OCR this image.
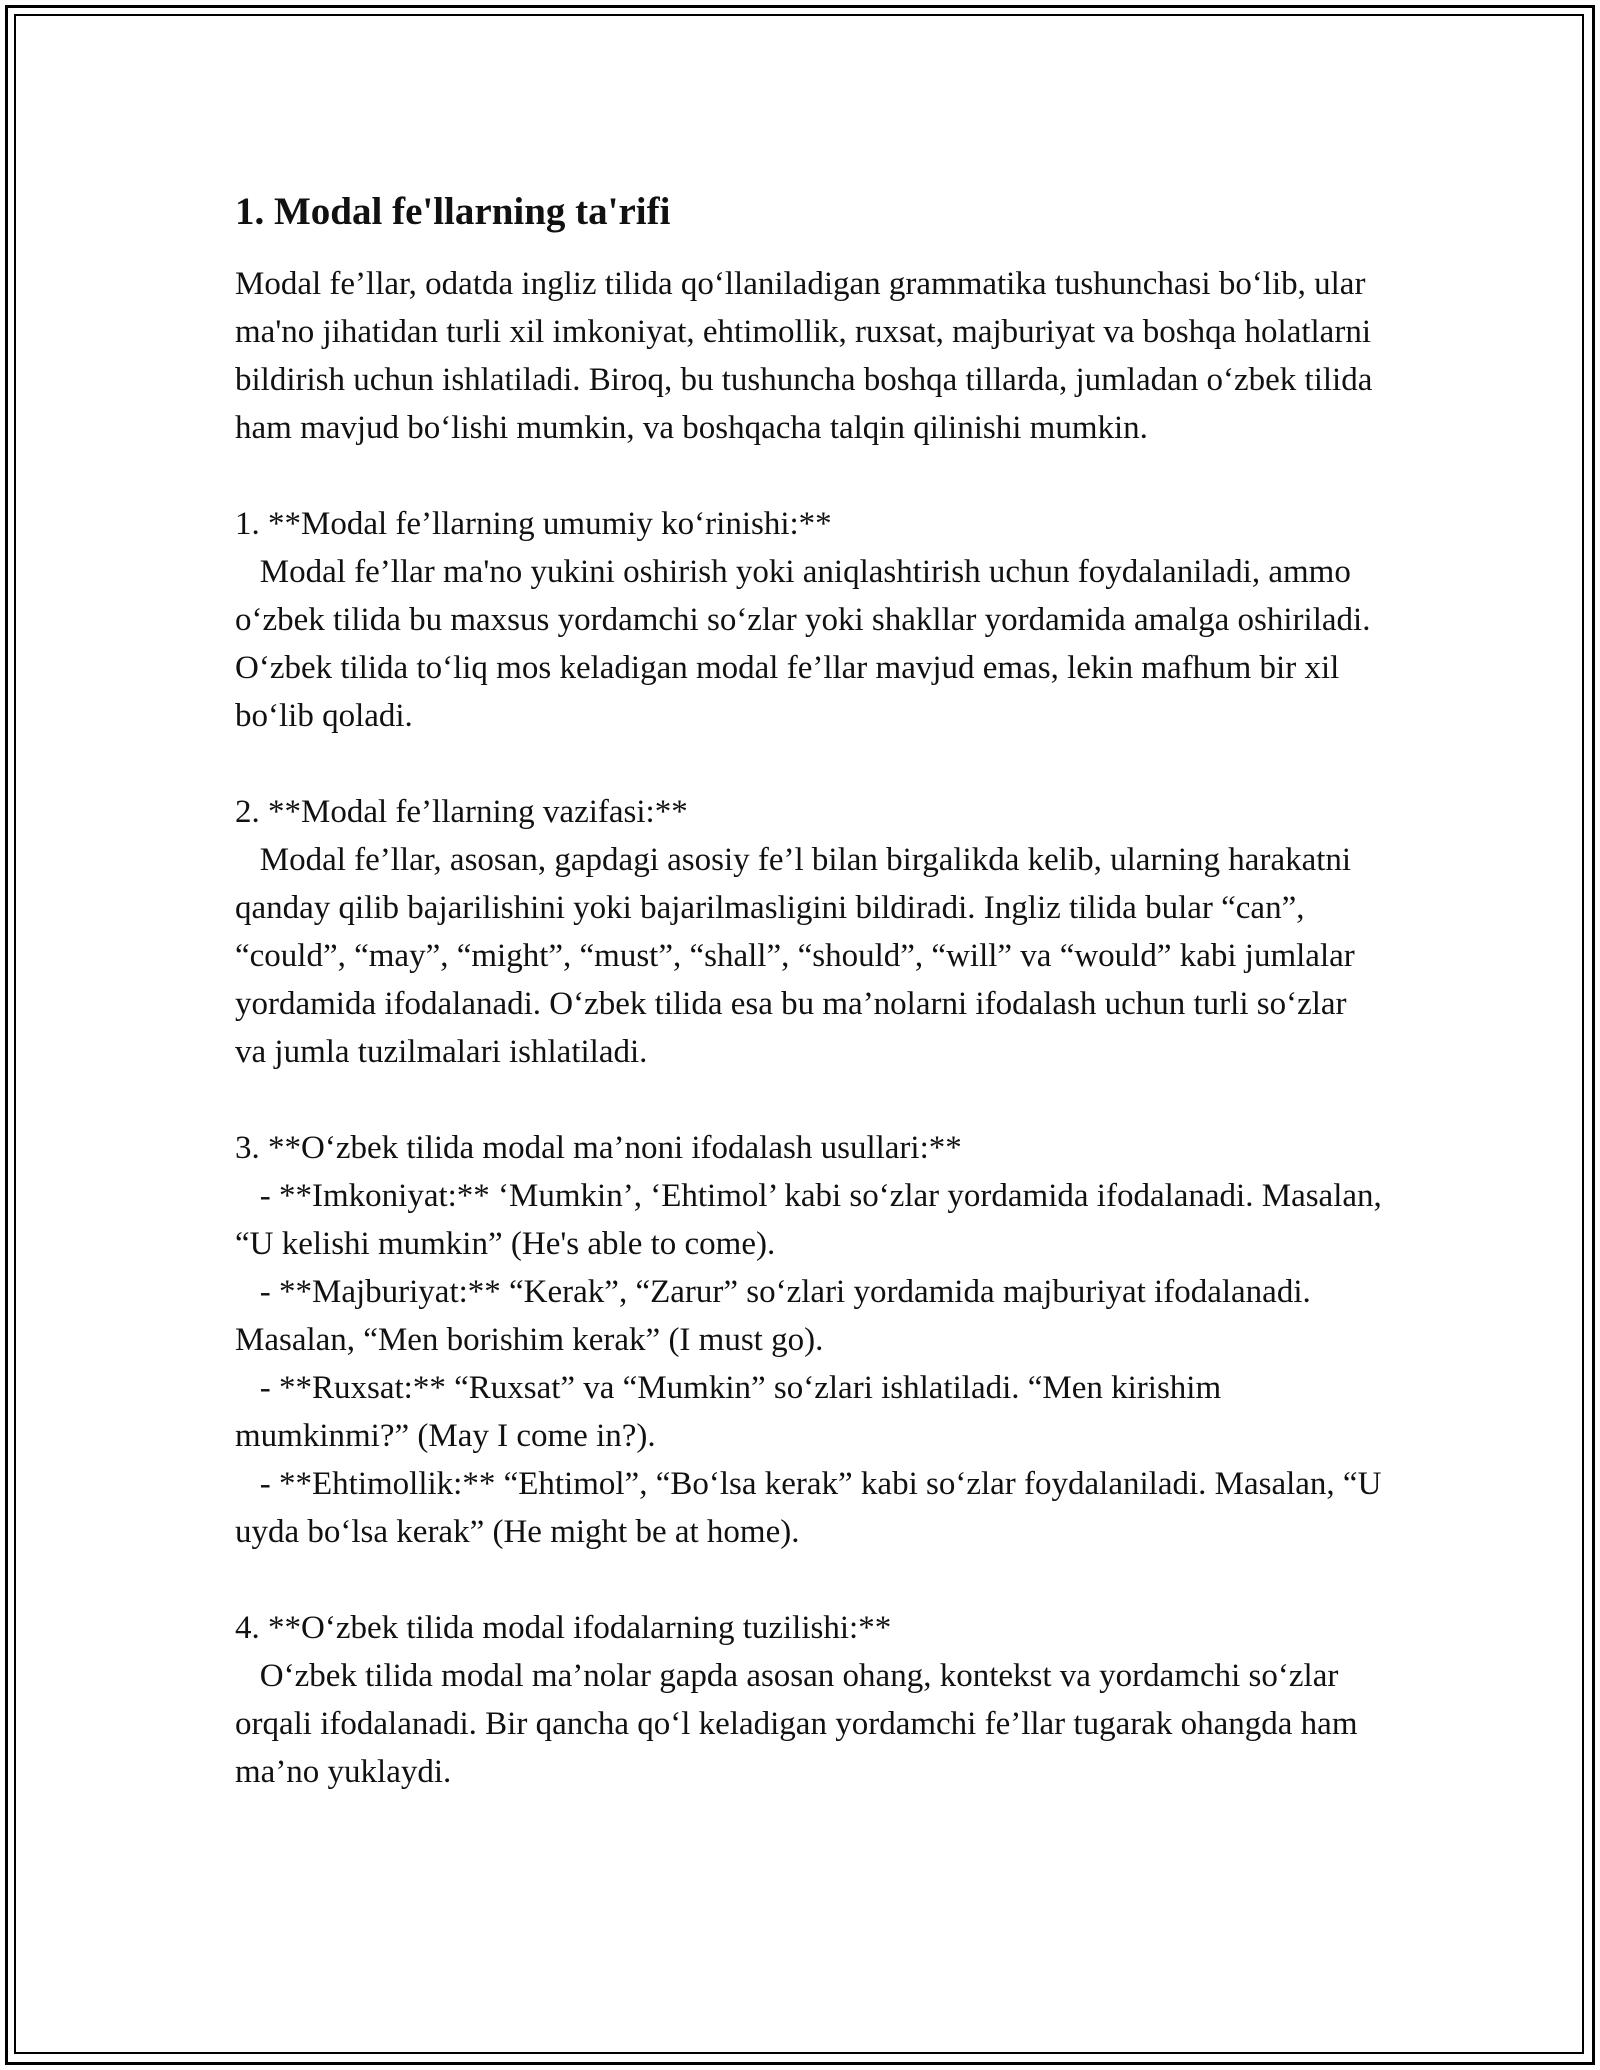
1. Modal fe'llarning ta'rifi

Modal fe’llar, odatda ingliz tilida qo‘llaniladigan grammatika tushunchasi bo‘lib, ular ma'no jihatidan turli xil imkoniyat, ehtimollik, ruxsat, majburiyat va boshqa holatlarni bildirish uchun ishlatiladi. Biroq, bu tushuncha boshqa tillarda, jumladan o‘zbek tilida ham mavjud bo‘lishi mumkin, va boshqacha talqin qilinishi mumkin.

1. **Modal fe’llarning umumiy ko‘rinishi:**

Modal fe’llar ma'no yukini oshirish yoki aniqlashtirish uchun foydalaniladi, ammo o‘zbek tilida bu maxsus yordamchi so‘zlar yoki shakllar yordamida amalga oshiriladi. O‘zbek tilida to‘liq mos keladigan modal fe’llar mavjud emas, lekin mafhum bir xil bo‘lib qoladi.

2. **Modal fe’llarning vazifasi:**

Modal fe’llar, asosan, gapdagi asosiy fe’l bilan birgalikda kelib, ularning harakatni qanday qilib bajarilishini yoki bajarilmasligini bildiradi. Ingliz tilida bular “can”, “could”, “may”, “might”, “must”, “shall”, “should”, “will” va “would” kabi jumlalar yordamida ifodalanadi. O‘zbek tilida esa bu ma’nolarni ifodalash uchun turli so‘zlar va jumla tuzilmalari ishlatiladi.

3. **O‘zbek tilida modal ma’noni ifodalash usullari:**

- **Imkoniyat:** ‘Mumkin’, ‘Ehtimol’ kabi so‘zlar yordamida ifodalanadi. Masalan, “U kelishi mumkin” (He's able to come).

- **Majburiyat:** “Kerak”, “Zarur” so‘zlari yordamida majburiyat ifodalanadi. Masalan, “Men borishim kerak” (I must go).

- **Ruxsat:** “Ruxsat” va “Mumkin” so‘zlari ishlatiladi. “Men kirishim mumkinmi?” (May I come in?).

- **Ehtimollik:** “Ehtimol”, “Bo‘lsa kerak” kabi so‘zlar foydalaniladi. Masalan, “U uyda bo‘lsa kerak” (He might be at home).

4. **O‘zbek tilida modal ifodalarning tuzilishi:**

O‘zbek tilida modal ma’nolar gapda asosan ohang, kontekst va yordamchi so‘zlar orqali ifodalanadi. Bir qancha qo‘l keladigan yordamchi fe’llar tugarak ohangda ham ma’no yuklaydi.
